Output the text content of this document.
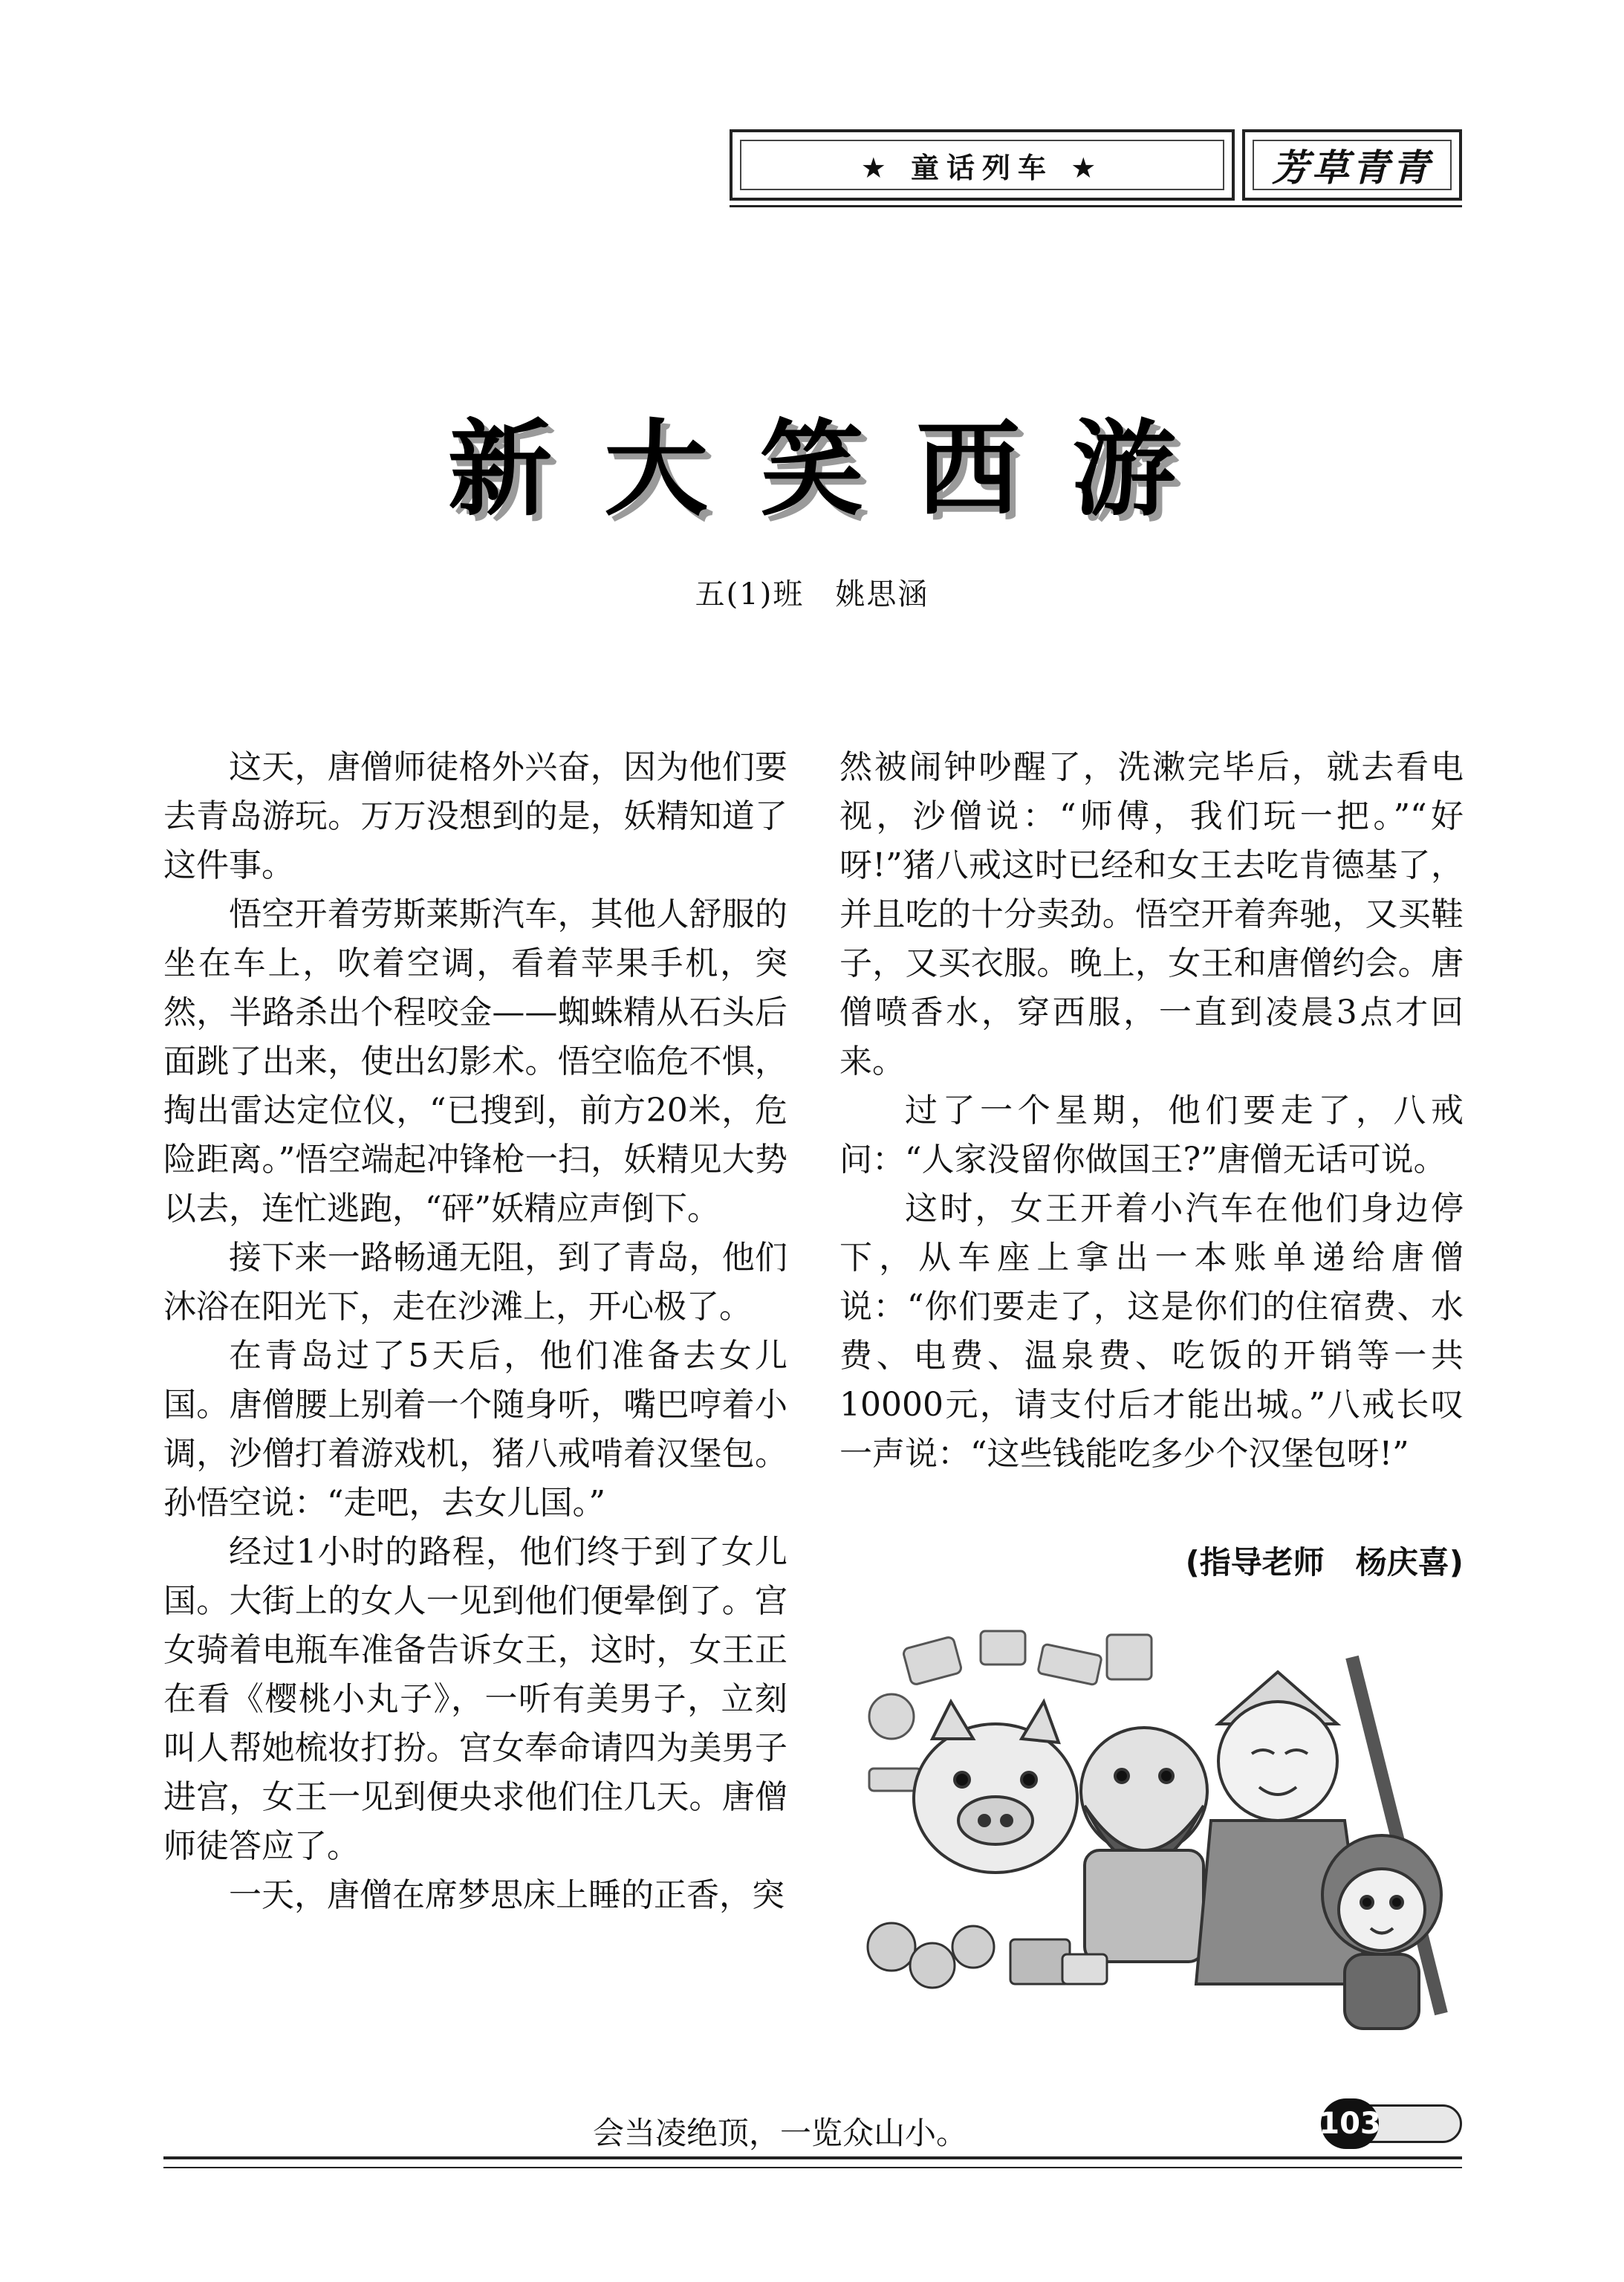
★ 童话列车 ★	芳草青青
新大笑西游
五(1)班　姚思涵

这天，唐僧师徒格外兴奋，因为他们要去青岛游玩。万万没想到的是，妖精知道了这件事。

悟空开着劳斯莱斯汽车，其他人舒服的坐在车上，吹着空调，看着苹果手机，突然，半路杀出个程咬金——蜘蛛精从石头后面跳了出来，使出幻影术。悟空临危不惧，掏出雷达定位仪，“已搜到，前方20米，危险距离。”悟空端起冲锋枪一扫，妖精见大势以去，连忙逃跑，“砰”妖精应声倒下。

接下来一路畅通无阻，到了青岛，他们沐浴在阳光下，走在沙滩上，开心极了。

在青岛过了5天后，他们准备去女儿国。唐僧腰上别着一个随身听，嘴巴哼着小调，沙僧打着游戏机，猪八戒啃着汉堡包。孙悟空说：“走吧，去女儿国。”

经过1小时的路程，他们终于到了女儿国。大街上的女人一见到他们便晕倒了。宫女骑着电瓶车准备告诉女王，这时，女王正在看《樱桃小丸子》，一听有美男子，立刻叫人帮她梳妆打扮。宫女奉命请四为美男子进宫，女王一见到便央求他们住几天。唐僧师徒答应了。

一天，唐僧在席梦思床上睡的正香，突

然被闹钟吵醒了，洗漱完毕后，就去看电视，沙僧说：“师傅，我们玩一把。”“好呀!”猪八戒这时已经和女王去吃肯德基了，并且吃的十分卖劲。悟空开着奔驰，又买鞋子，又买衣服。晚上，女王和唐僧约会。唐僧喷香水，穿西服，一直到凌晨3点才回来。

过了一个星期，他们要走了，八戒问：“人家没留你做国王?”唐僧无话可说。

这时，女王开着小汽车在他们身边停下，从车座上拿出一本账单递给唐僧说：“你们要走了，这是你们的住宿费、水费、电费、温泉费、吃饭的开销等一共10000元，请支付后才能出城。”八戒长叹一声说：“这些钱能吃多少个汉堡包呀!”

(指导老师　杨庆喜)
会当凌绝顶，一览众山小。	103
